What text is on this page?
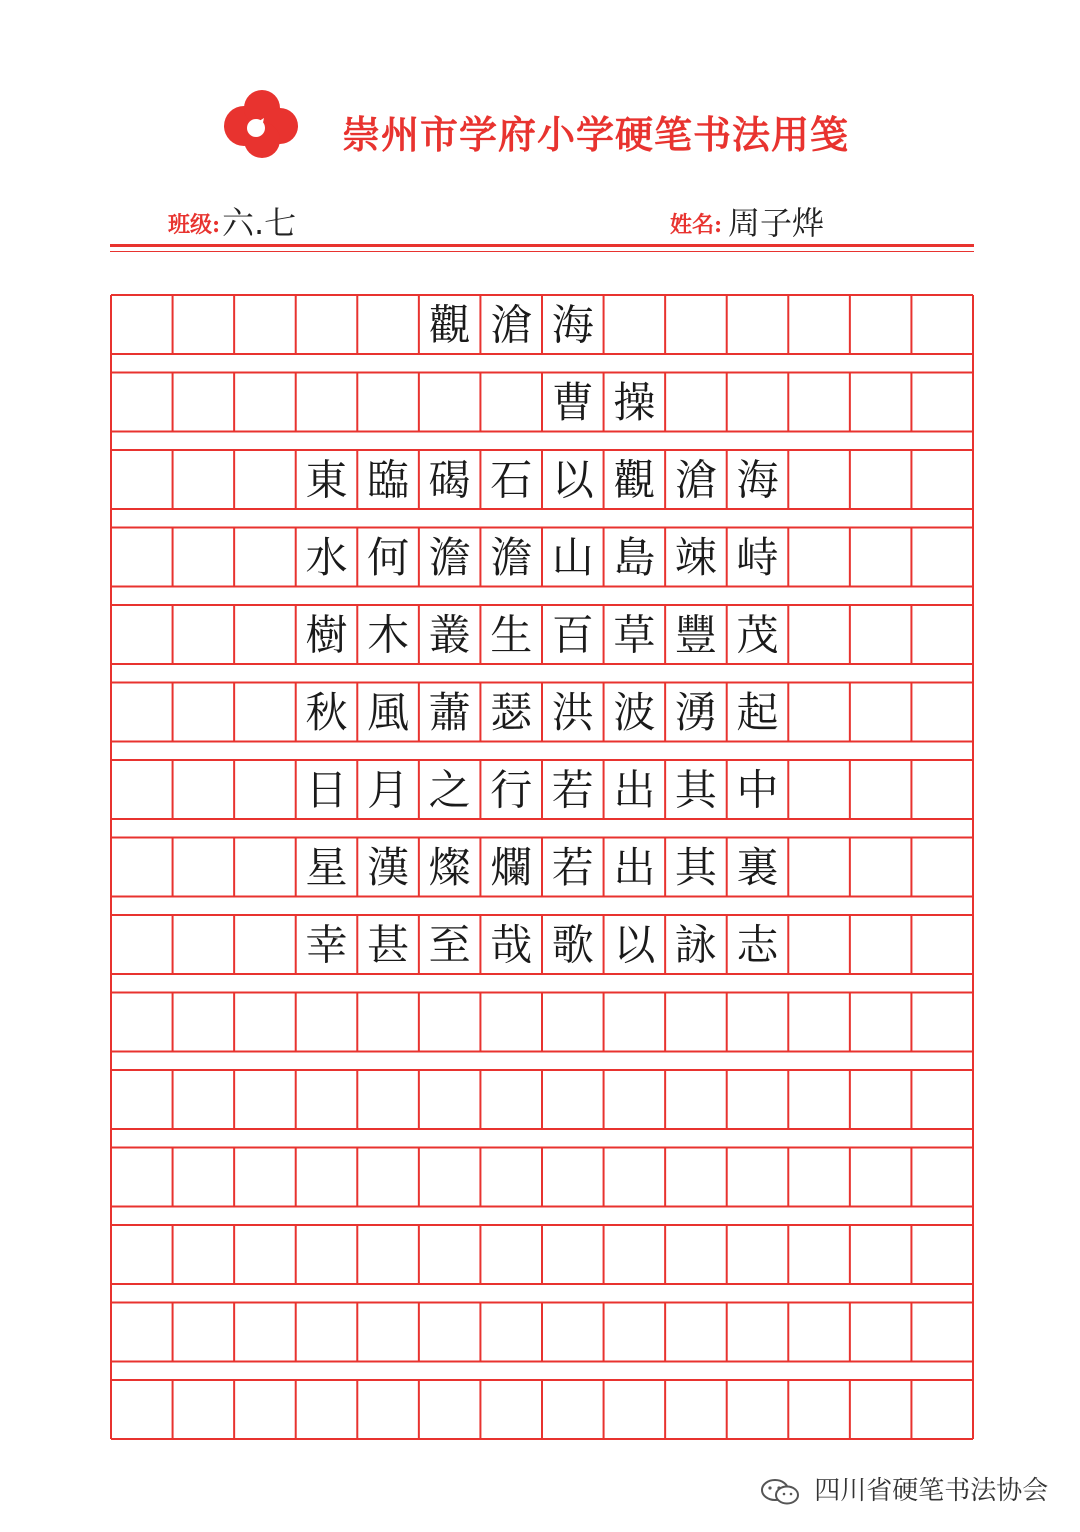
崇州市学府小学硬笔书法用笺
班级: 六.七	姓名: 周子烨
觀 滄 海
曹 操
東 臨 碣 石 以 觀 滄 海
水 何 澹 澹 山 島 竦 峙
樹 木 叢 生 百 草 豐 茂
秋 風 蕭 瑟 洪 波 湧 起
日 月 之 行 若 出 其 中
星 漢 燦 爛 若 出 其 裏
幸 甚 至 哉 歌 以 詠 志
四川省硬笔书法协会
